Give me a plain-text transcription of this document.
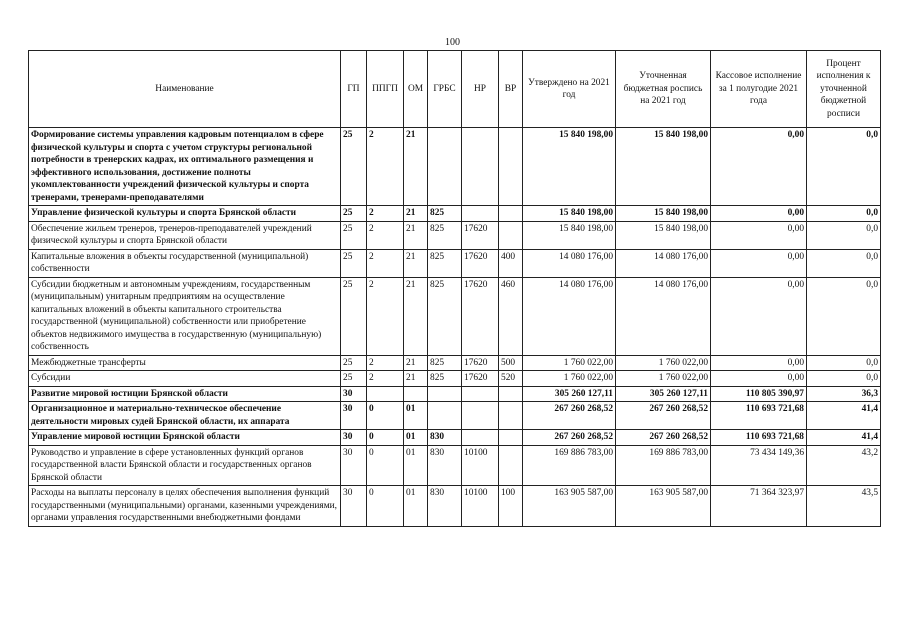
100
Наименование	ГП	ППГП	ОМ	ГРБС	НР	ВР	Утверждено на 2021 год	Уточненная бюджетная роспись на 2021 год	Кассовое исполнение за 1 полугодие 2021 года	Процент исполнения к уточненной бюджетной росписи
Формирование системы управления кадровым потенциалом в сфере физической культуры и спорта с учетом структуры региональной потребности в тренерских кадрах, их оптимального размещения и эффективного использования, достижение полноты укомплектованности учреждений физической культуры и спорта тренерами, тренерами-преподавателями	25	2	21				15 840 198,00	15 840 198,00	0,00	0,0
Управление физической культуры и спорта Брянской области	25	2	21	825			15 840 198,00	15 840 198,00	0,00	0,0
Обеспечение жильем тренеров, тренеров-преподавателей учреждений физической культуры и спорта Брянской области	25	2	21	825	17620		15 840 198,00	15 840 198,00	0,00	0,0
Капитальные вложения в объекты государственной (муниципальной) собственности	25	2	21	825	17620	400	14 080 176,00	14 080 176,00	0,00	0,0
Субсидии бюджетным и автономным учреждениям, государственным (муниципальным) унитарным предприятиям на осуществление капитальных вложений в объекты капитального строительства государственной (муниципальной) собственности или приобретение объектов недвижимого имущества в государственную (муниципальную) собственность	25	2	21	825	17620	460	14 080 176,00	14 080 176,00	0,00	0,0
Межбюджетные трансферты	25	2	21	825	17620	500	1 760 022,00	1 760 022,00	0,00	0,0
Субсидии	25	2	21	825	17620	520	1 760 022,00	1 760 022,00	0,00	0,0
Развитие мировой юстиции Брянской области	30						305 260 127,11	305 260 127,11	110 805 390,97	36,3
Организационное и материально-техническое обеспечение деятельности мировых судей Брянской области, их аппарата	30	0	01				267 260 268,52	267 260 268,52	110 693 721,68	41,4
Управление мировой юстиции Брянской области	30	0	01	830			267 260 268,52	267 260 268,52	110 693 721,68	41,4
Руководство и управление в сфере установленных функций органов государственной власти Брянской области и государственных органов Брянской области	30	0	01	830	10100		169 886 783,00	169 886 783,00	73 434 149,36	43,2
Расходы на выплаты персоналу в целях обеспечения выполнения функций государственными (муниципальными) органами, казенными учреждениями, органами управления государственными внебюджетными фондами	30	0	01	830	10100	100	163 905 587,00	163 905 587,00	71 364 323,97	43,5
